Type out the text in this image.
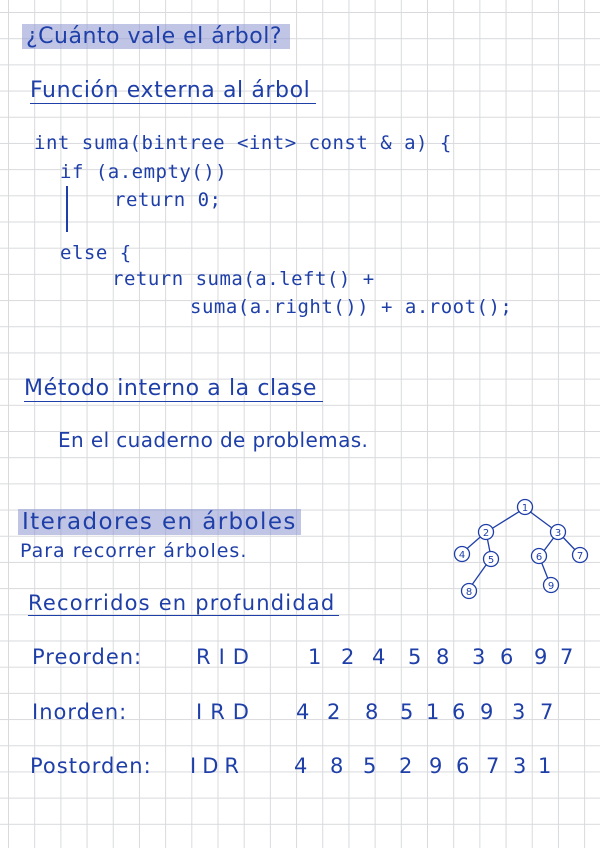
¿Cuánto vale el árbol?
Función externa al árbol
int suma(bintree <int> const & a) {
if (a.empty())
return 0;
else {
return suma(a.left() +
suma(a.right()) + a.root();
Método interno a la clase
En el cuaderno de problemas.
Iteradores en árboles
Para recorrer árboles.
1
2	3
4 5	6	7
8
9
Recorridos en profundidad
Preorden:	RID	1 2 4	5 8	3 6 9 7
Inorden:	IRD	4 2	8	5 1 6 9 3 7
Postorden:	IDR	4	8 5	2 9 6 7 3 1
